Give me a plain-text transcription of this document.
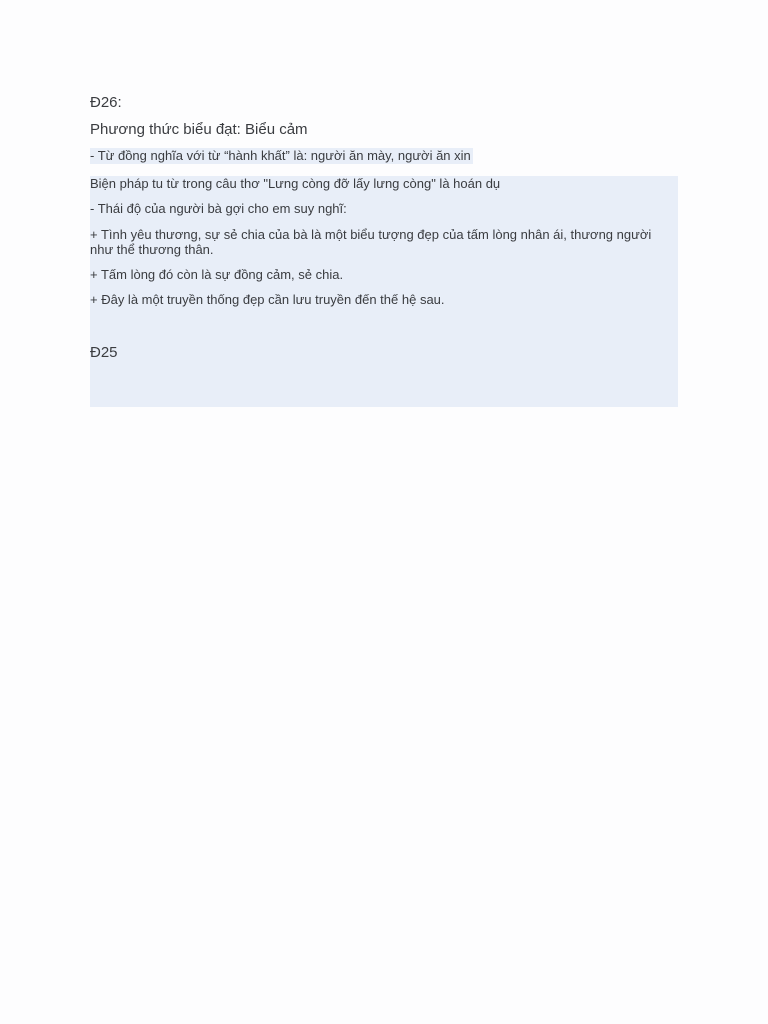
Đ26:
Phương thức biểu đạt: Biểu cảm
- Từ đồng nghĩa với từ “hành khất” là: người ăn mày, người ăn xin
Biện pháp tu từ trong câu thơ "Lưng còng đỡ lấy lưng còng" là hoán dụ
- Thái độ của người bà gợi cho em suy nghĩ:
+ Tình yêu thương, sự sẻ chia của bà là một biểu tượng đẹp của tấm lòng nhân ái, thương người như thể thương thân.
+ Tấm lòng đó còn là sự đồng cảm, sẻ chia.
+ Đây là một truyền thống đẹp cần lưu truyền đến thế hệ sau.
Đ25
